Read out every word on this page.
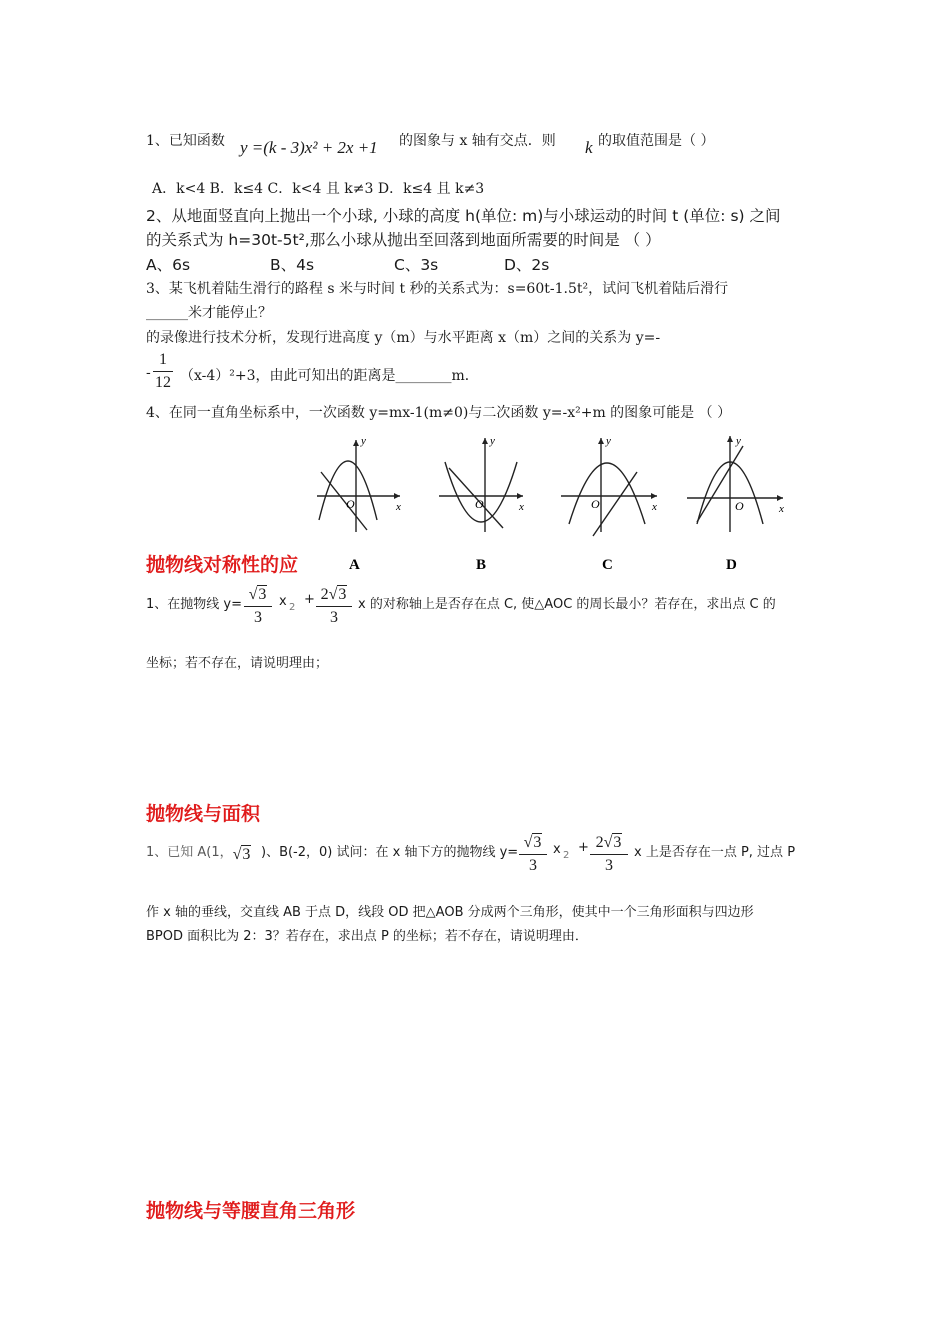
1、已知函数 y =(k - 3)x² + 2x +1 的图象与 x 轴有交点．则 k 的取值范围是（ ）
A．k<4 B．k≤4 C．k<4 且 k≠3 D．k≤4 且 k≠3
2、从地面竖直向上抛出一个小球, 小球的高度 h(单位: m)与小球运动的时间 t (单位: s) 之间
的关系式为 h=30t-5t²,那么小球从抛出至回落到地面所需要的时间是 （ ）
A、6s	B、4s	C、3s	D、2s
3、某飞机着陆生滑行的路程 s 米与时间 t 秒的关系式为：s=60t-1.5t²，试问飞机着陆后滑行
______米才能停止？
的录像进行技术分析，发现行进高度 y（m）与水平距离 x（m）之间的关系为 y=-
-
1
12 （x-4）²+3，由此可知出的距离是________m．
4、在同一直角坐标系中，一次函数 y=mx-1(m≠0)与二次函数 y=-x²+m 的图象可能是 （ ）
y
x
O
A
y
x
O
B
y
x
O
C
y
x
O
D
抛物线对称性的应
1、在抛物线 y=
√3
3
x 2
+ 2√3
3
x 的对称轴上是否存在点 C, 使△AOC 的周长最小？若存在，求出点 C 的
坐标；若不存在，请说明理由；
抛物线与面积
1、已知 A(1， √3 )、B(-2，0) 试问：在 x 轴下方的抛物线 y=
√3
3
x 2
+ 2√3
3
x 上是否存在一点 P, 过点 P
作 x 轴的垂线，交直线 AB 于点 D，线段 OD 把△AOB 分成两个三角形，使其中一个三角形面积与四边形
BPOD 面积比为 2：3？若存在，求出点 P 的坐标；若不存在，请说明理由．
抛物线与等腰直角三角形
